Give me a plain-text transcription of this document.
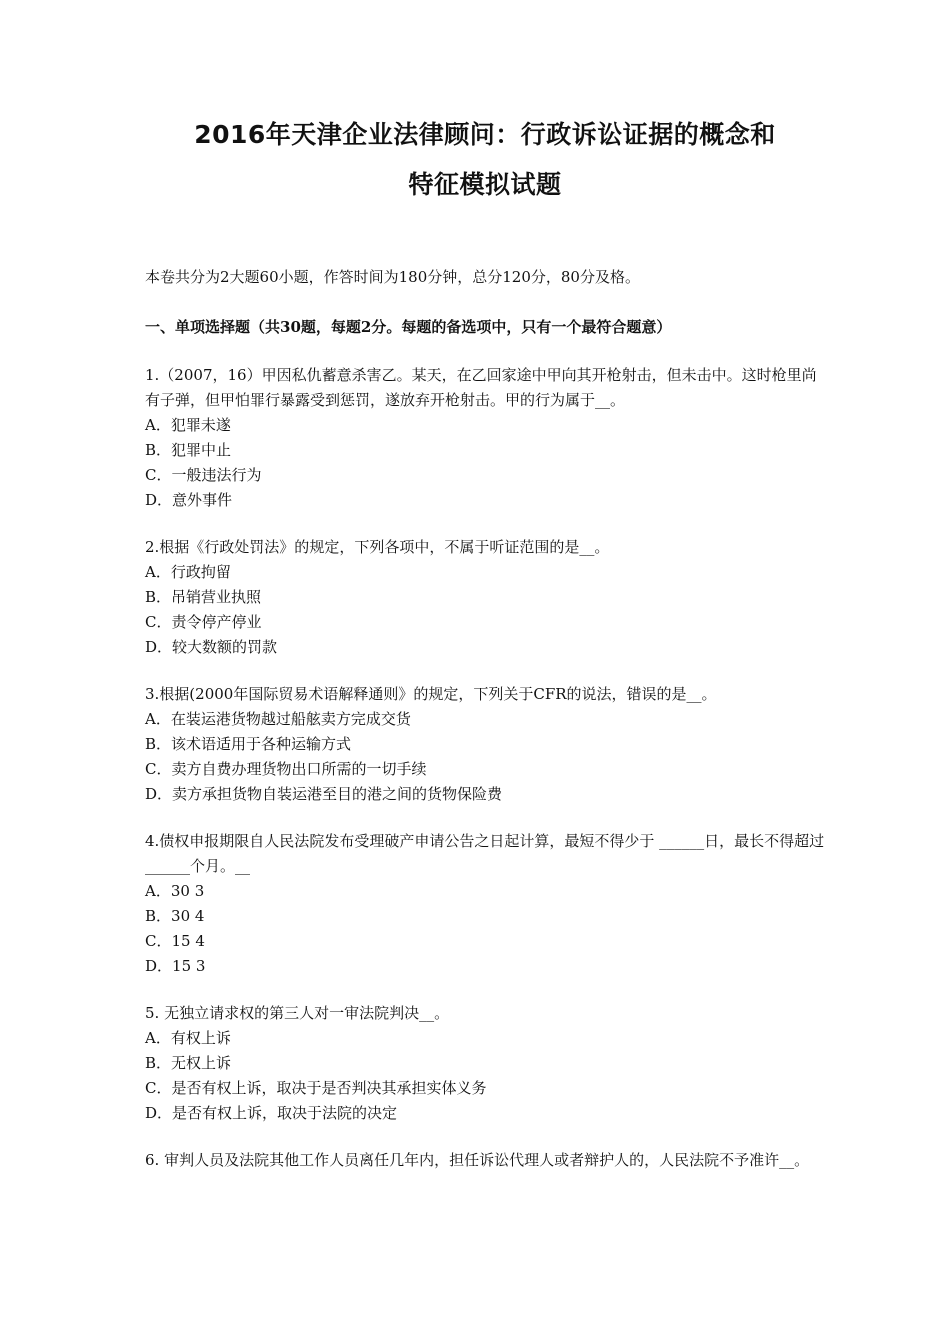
2016年天津企业法律顾问：行政诉讼证据的概念和
特征模拟试题

本卷共分为2大题60小题，作答时间为180分钟，总分120分，80分及格。

一、单项选择题（共30题，每题2分。每题的备选项中，只有一个最符合题意）

1.（2007，16）甲因私仇蓄意杀害乙。某天，在乙回家途中甲向其开枪射击，但未击中。这时枪里尚有子弹，但甲怕罪行暴露受到惩罚，遂放弃开枪射击。甲的行为属于__。

A．犯罪未遂

B．犯罪中止

C．一般违法行为

D．意外事件

2.根据《行政处罚法》的规定，下列各项中，不属于听证范围的是__。

A．行政拘留

B．吊销营业执照

C．责令停产停业

D．较大数额的罚款

3.根据(2000年国际贸易术语解释通则》的规定，下列关于CFR的说法，错误的是__。

A．在装运港货物越过船舷卖方完成交货

B．该术语适用于各种运输方式

C．卖方自费办理货物出口所需的一切手续

D．卖方承担货物自装运港至目的港之间的货物保险费

4.债权申报期限自人民法院发布受理破产申请公告之日起计算，最短不得少于 ______日，最长不得超过______个月。__

A．30 3

B．30 4

C．15 4

D．15 3

5. 无独立请求权的第三人对一审法院判决__。

A．有权上诉

B．无权上诉

C．是否有权上诉，取决于是否判决其承担实体义务

D．是否有权上诉，取决于法院的决定

6. 审判人员及法院其他工作人员离任几年内，担任诉讼代理人或者辩护人的，人民法院不予准许__。
